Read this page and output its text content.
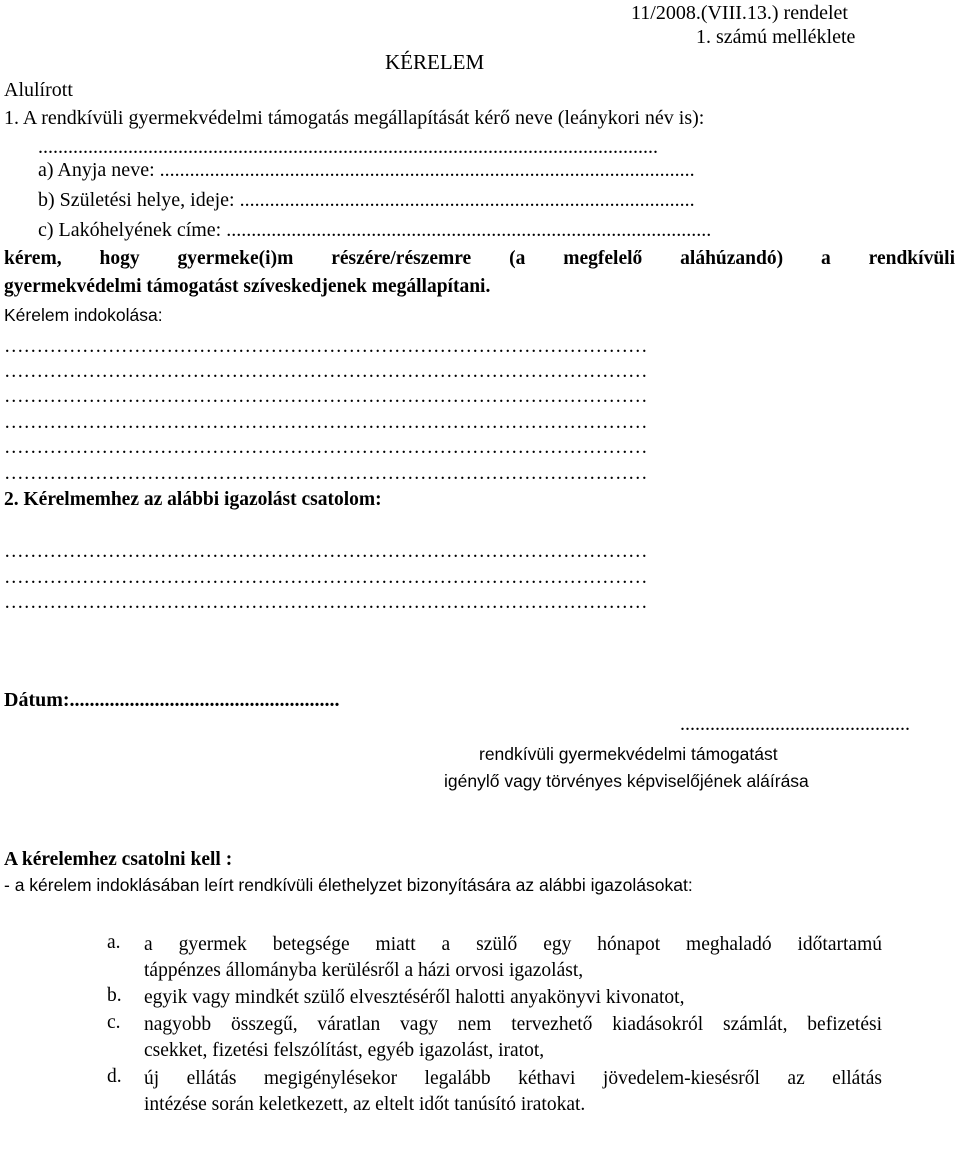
11/2008.(VIII.13.) rendelet
1. számú melléklete
KÉRELEM
Alulírott
1. A rendkívüli gyermekvédelmi támogatás megállapítását kérő neve (leánykori név is):
............................................................................................................................
a) Anyja neve: ...........................................................................................................
b) Születési helye, ideje: ...........................................................................................
c) Lakóhelyének címe: .................................................................................................
kérem, hogy gyermeke(i)m részére/részemre (a megfelelő aláhúzandó) a rendkívüli
gyermekvédelmi támogatást szíveskedjenek megállapítani.
Kérelem indokolása:
………………………………………………………………………………………
………………………………………………………………………………………
………………………………………………………………………………………
………………………………………………………………………………………
………………………………………………………………………………………
………………………………………………………………………………………
2. Kérelmemhez az alábbi igazolást csatolom:
………………………………………………………………………………………
………………………………………………………………………………………
………………………………………………………………………………………
Dátum:......................................................
..............................................
rendkívüli gyermekvédelmi támogatást
igénylő vagy törvényes képviselőjének aláírása
A kérelemhez csatolni kell :
- a kérelem indoklásában leírt rendkívüli élethelyzet bizonyítására az alábbi igazolásokat:
a. a gyermek betegsége miatt a szülő egy hónapot meghaladó időtartamú
táppénzes állományba kerülésről a házi orvosi igazolást,
b. egyik vagy mindkét szülő elvesztéséről halotti anyakönyvi kivonatot,
c. nagyobb összegű, váratlan vagy nem tervezhető kiadásokról számlát, befizetési
csekket, fizetési felszólítást, egyéb igazolást, iratot,
d. új ellátás megigénylésekor legalább kéthavi jövedelem-kiesésről az ellátás
intézése során keletkezett, az eltelt időt tanúsító iratokat.
